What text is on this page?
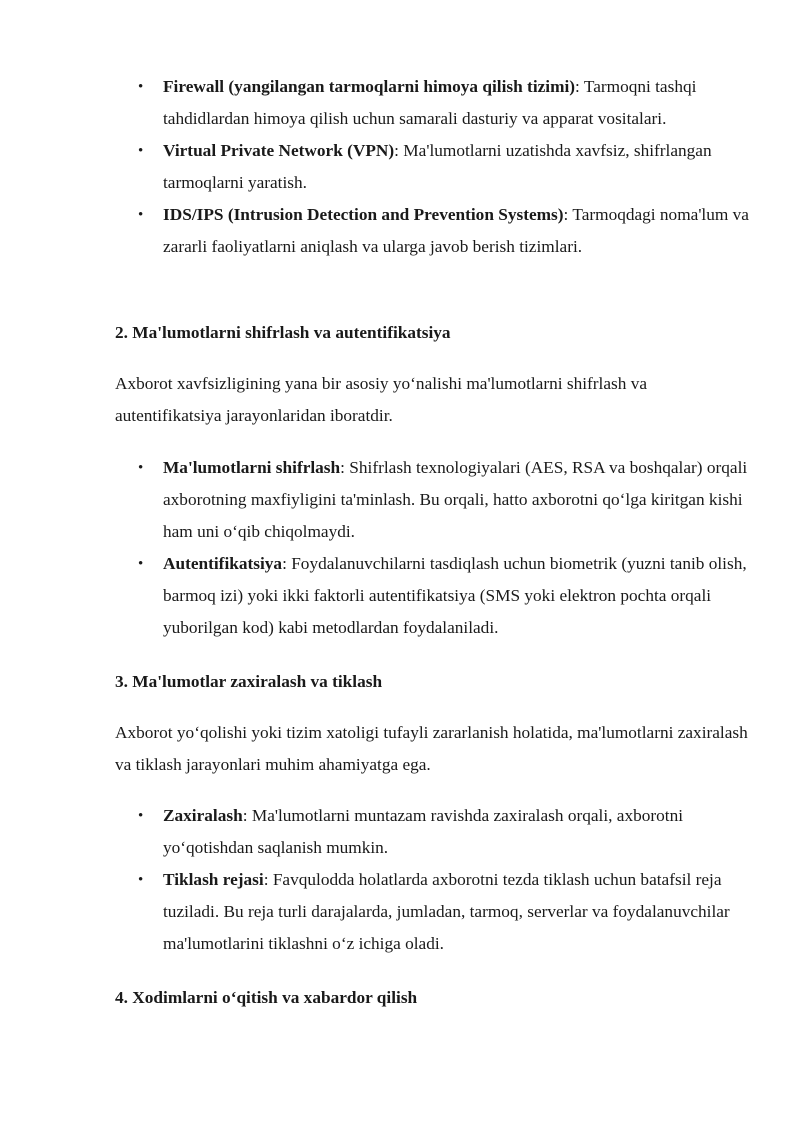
• Firewall (yangilangan tarmoqlarni himoya qilish tizimi): Tarmoqni tashqi tahdidlardan himoya qilish uchun samarali dasturiy va apparat vositalari.
• Virtual Private Network (VPN): Ma'lumotlarni uzatishda xavfsiz, shifrlangan tarmoqlarni yaratish.
• IDS/IPS (Intrusion Detection and Prevention Systems): Tarmoqdagi noma'lum va zararli faoliyatlarni aniqlash va ularga javob berish tizimlari.

2. Ma'lumotlarni shifrlash va autentifikatsiya

Axborot xavfsizligining yana bir asosiy yo‘nalishi ma'lumotlarni shifrlash va autentifikatsiya jarayonlaridan iboratdir.

• Ma'lumotlarni shifrlash: Shifrlash texnologiyalari (AES, RSA va boshqalar) orqali axborotning maxfiyligini ta'minlash. Bu orqali, hatto axborotni qo‘lga kiritgan kishi ham uni o‘qib chiqolmaydi.
• Autentifikatsiya: Foydalanuvchilarni tasdiqlash uchun biometrik (yuzni tanib olish, barmoq izi) yoki ikki faktorli autentifikatsiya (SMS yoki elektron pochta orqali yuborilgan kod) kabi metodlardan foydalaniladi.

3. Ma'lumotlar zaxiralash va tiklash

Axborot yo‘qolishi yoki tizim xatoligi tufayli zararlanish holatida, ma'lumotlarni zaxiralash va tiklash jarayonlari muhim ahamiyatga ega.

• Zaxiralash: Ma'lumotlarni muntazam ravishda zaxiralash orqali, axborotni yo‘qotishdan saqlanish mumkin.
• Tiklash rejasi: Favqulodda holatlarda axborotni tezda tiklash uchun batafsil reja tuziladi. Bu reja turli darajalarda, jumladan, tarmoq, serverlar va foydalanuvchilar ma'lumotlarini tiklashni o‘z ichiga oladi.

4. Xodimlarni o‘qitish va xabardor qilish
